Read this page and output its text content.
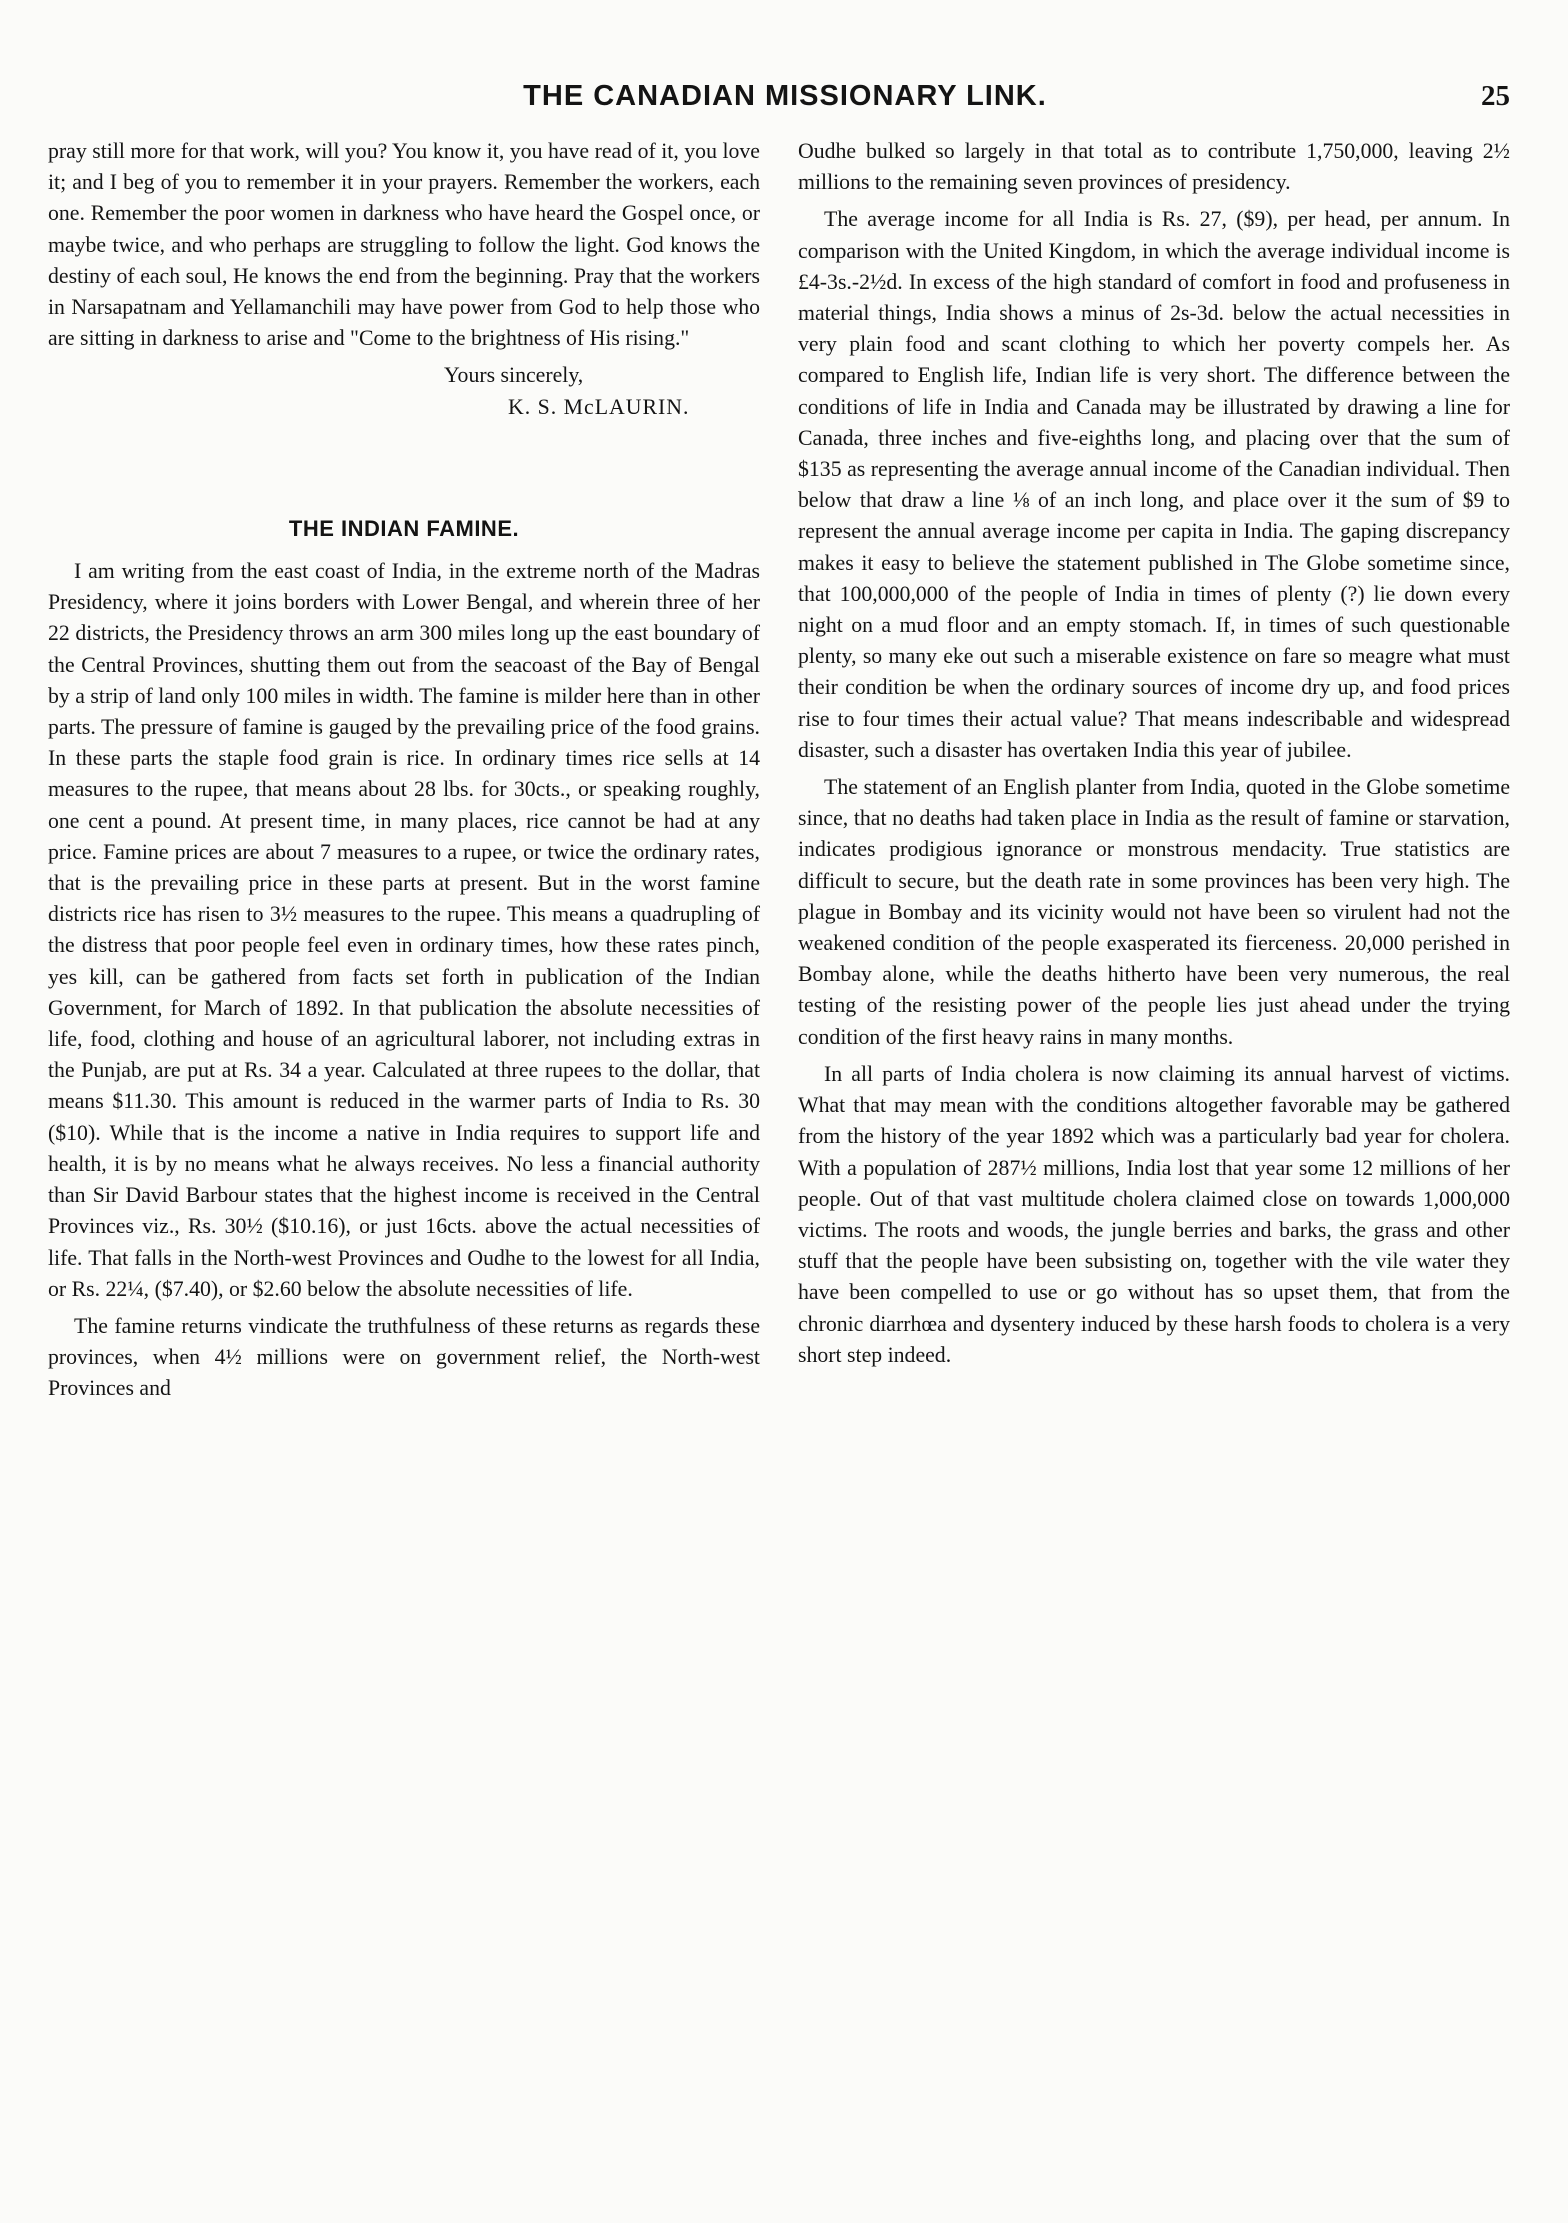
THE CANADIAN MISSIONARY LINK.	25

pray still more for that work, will you? You know it, you have read of it, you love it; and I beg of you to remember it in your prayers. Remember the workers, each one. Remember the poor women in darkness who have heard the Gospel once, or maybe twice, and who perhaps are struggling to follow the light. God knows the destiny of each soul, He knows the end from the beginning. Pray that the workers in Narsapatnam and Yellamanchili may have power from God to help those who are sitting in darkness to arise and "Come to the brightness of His rising."

Yours sincerely,
K. S. McLAURIN.
THE INDIAN FAMINE.

I am writing from the east coast of India, in the extreme north of the Madras Presidency, where it joins borders with Lower Bengal, and wherein three of her 22 districts, the Presidency throws an arm 300 miles long up the east boundary of the Central Provinces, shutting them out from the seacoast of the Bay of Bengal by a strip of land only 100 miles in width. The famine is milder here than in other parts. The pressure of famine is gauged by the prevailing price of the food grains. In these parts the staple food grain is rice. In ordinary times rice sells at 14 measures to the rupee, that means about 28 lbs. for 30cts., or speaking roughly, one cent a pound. At present time, in many places, rice cannot be had at any price. Famine prices are about 7 measures to a rupee, or twice the ordinary rates, that is the prevailing price in these parts at present. But in the worst famine districts rice has risen to 3½ measures to the rupee. This means a quadrupling of the distress that poor people feel even in ordinary times, how these rates pinch, yes kill, can be gathered from facts set forth in publication of the Indian Government, for March of 1892. In that publication the absolute necessities of life, food, clothing and house of an agricultural laborer, not including extras in the Punjab, are put at Rs. 34 a year. Calculated at three rupees to the dollar, that means $11.30. This amount is reduced in the warmer parts of India to Rs. 30 ($10). While that is the income a native in India requires to support life and health, it is by no means what he always receives. No less a financial authority than Sir David Barbour states that the highest income is received in the Central Provinces viz., Rs. 30½ ($10.16), or just 16cts. above the actual necessities of life. That falls in the North-west Provinces and Oudhe to the lowest for all India, or Rs. 22¼, ($7.40), or $2.60 below the absolute necessities of life.

The famine returns vindicate the truthfulness of these returns as regards these provinces, when 4½ millions were on government relief, the North-west Provinces and

Oudhe bulked so largely in that total as to contribute 1,750,000, leaving 2½ millions to the remaining seven provinces of presidency.

The average income for all India is Rs. 27, ($9), per head, per annum. In comparison with the United Kingdom, in which the average individual income is £4-3s.-2½d. In excess of the high standard of comfort in food and profuseness in material things, India shows a minus of 2s-3d. below the actual necessities in very plain food and scant clothing to which her poverty compels her. As compared to English life, Indian life is very short. The difference between the conditions of life in India and Canada may be illustrated by drawing a line for Canada, three inches and five-eighths long, and placing over that the sum of $135 as representing the average annual income of the Canadian individual. Then below that draw a line ⅛ of an inch long, and place over it the sum of $9 to represent the annual average income per capita in India. The gaping discrepancy makes it easy to believe the statement published in The Globe sometime since, that 100,000,000 of the people of India in times of plenty (?) lie down every night on a mud floor and an empty stomach. If, in times of such questionable plenty, so many eke out such a miserable existence on fare so meagre what must their condition be when the ordinary sources of income dry up, and food prices rise to four times their actual value? That means indescribable and widespread disaster, such a disaster has overtaken India this year of jubilee.

The statement of an English planter from India, quoted in the Globe sometime since, that no deaths had taken place in India as the result of famine or starvation, indicates prodigious ignorance or monstrous mendacity. True statistics are difficult to secure, but the death rate in some provinces has been very high. The plague in Bombay and its vicinity would not have been so virulent had not the weakened condition of the people exasperated its fierceness. 20,000 perished in Bombay alone, while the deaths hitherto have been very numerous, the real testing of the resisting power of the people lies just ahead under the trying condition of the first heavy rains in many months.

In all parts of India cholera is now claiming its annual harvest of victims. What that may mean with the conditions altogether favorable may be gathered from the history of the year 1892 which was a particularly bad year for cholera. With a population of 287½ millions, India lost that year some 12 millions of her people. Out of that vast multitude cholera claimed close on towards 1,000,000 victims. The roots and woods, the jungle berries and barks, the grass and other stuff that the people have been subsisting on, together with the vile water they have been compelled to use or go without has so upset them, that from the chronic diarrhœa and dysentery induced by these harsh foods to cholera is a very short step indeed.
